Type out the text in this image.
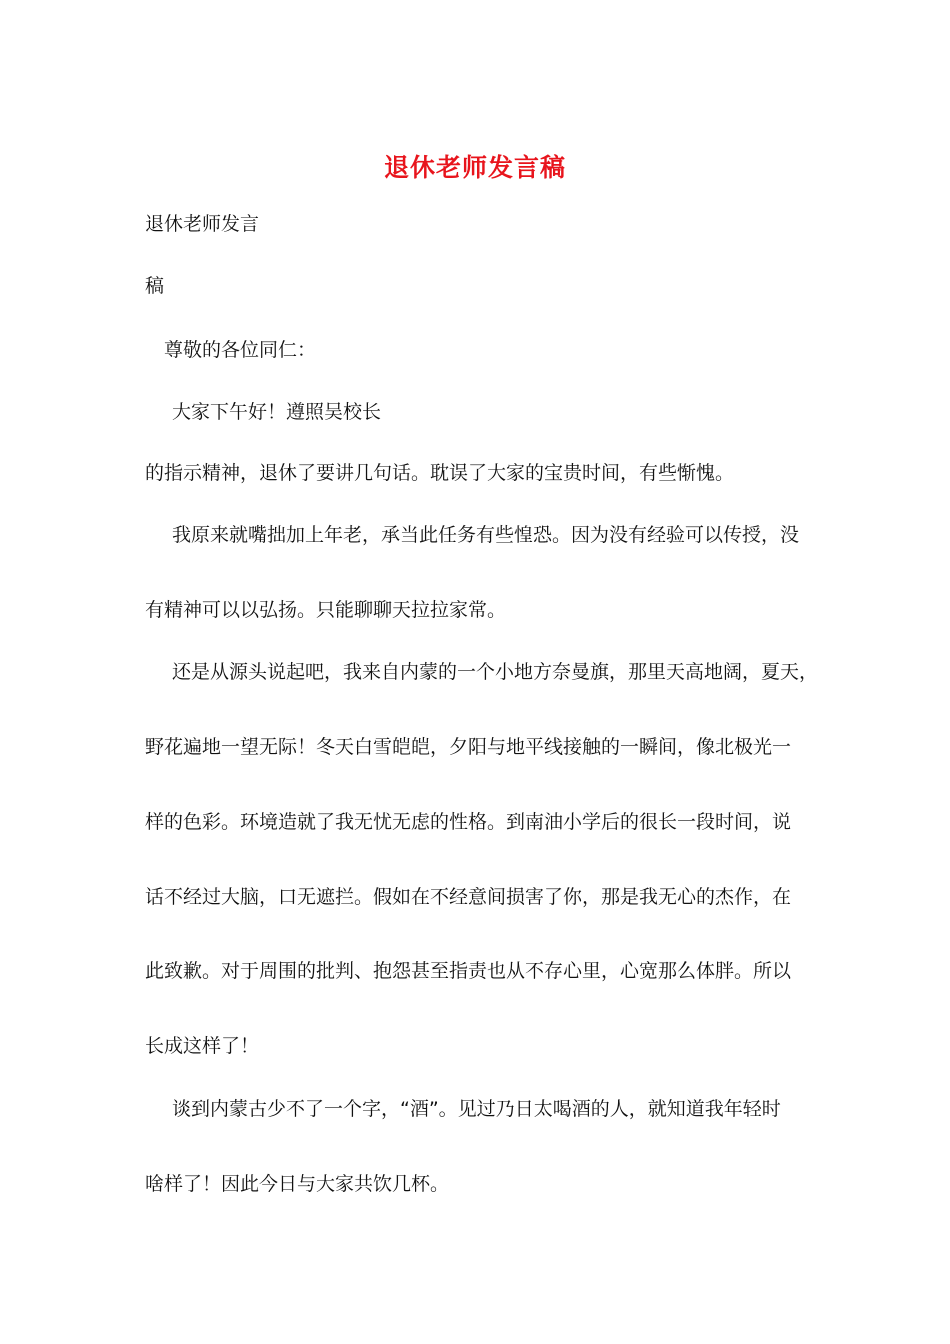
退休老师发言稿
退休老师发言
稿
尊敬的各位同仁：
大家下午好！遵照吴校长
的指示精神，退休了要讲几句话。耽误了大家的宝贵时间，有些惭愧。
我原来就嘴拙加上年老，承当此任务有些惶恐。因为没有经验可以传授，没
有精神可以以弘扬。只能聊聊天拉拉家常。
还是从源头说起吧，我来自内蒙的一个小地方奈曼旗，那里天高地阔，夏天，
野花遍地一望无际！冬天白雪皑皑，夕阳与地平线接触的一瞬间，像北极光一
样的色彩。环境造就了我无忧无虑的性格。到南油小学后的很长一段时间，说
话不经过大脑，口无遮拦。假如在不经意间损害了你，那是我无心的杰作，在
此致歉。对于周围的批判、抱怨甚至指责也从不存心里，心宽那么体胖。所以
长成这样了！
谈到内蒙古少不了一个字，“酒”。见过乃日太喝酒的人，就知道我年轻时
啥样了！因此今日与大家共饮几杯。
